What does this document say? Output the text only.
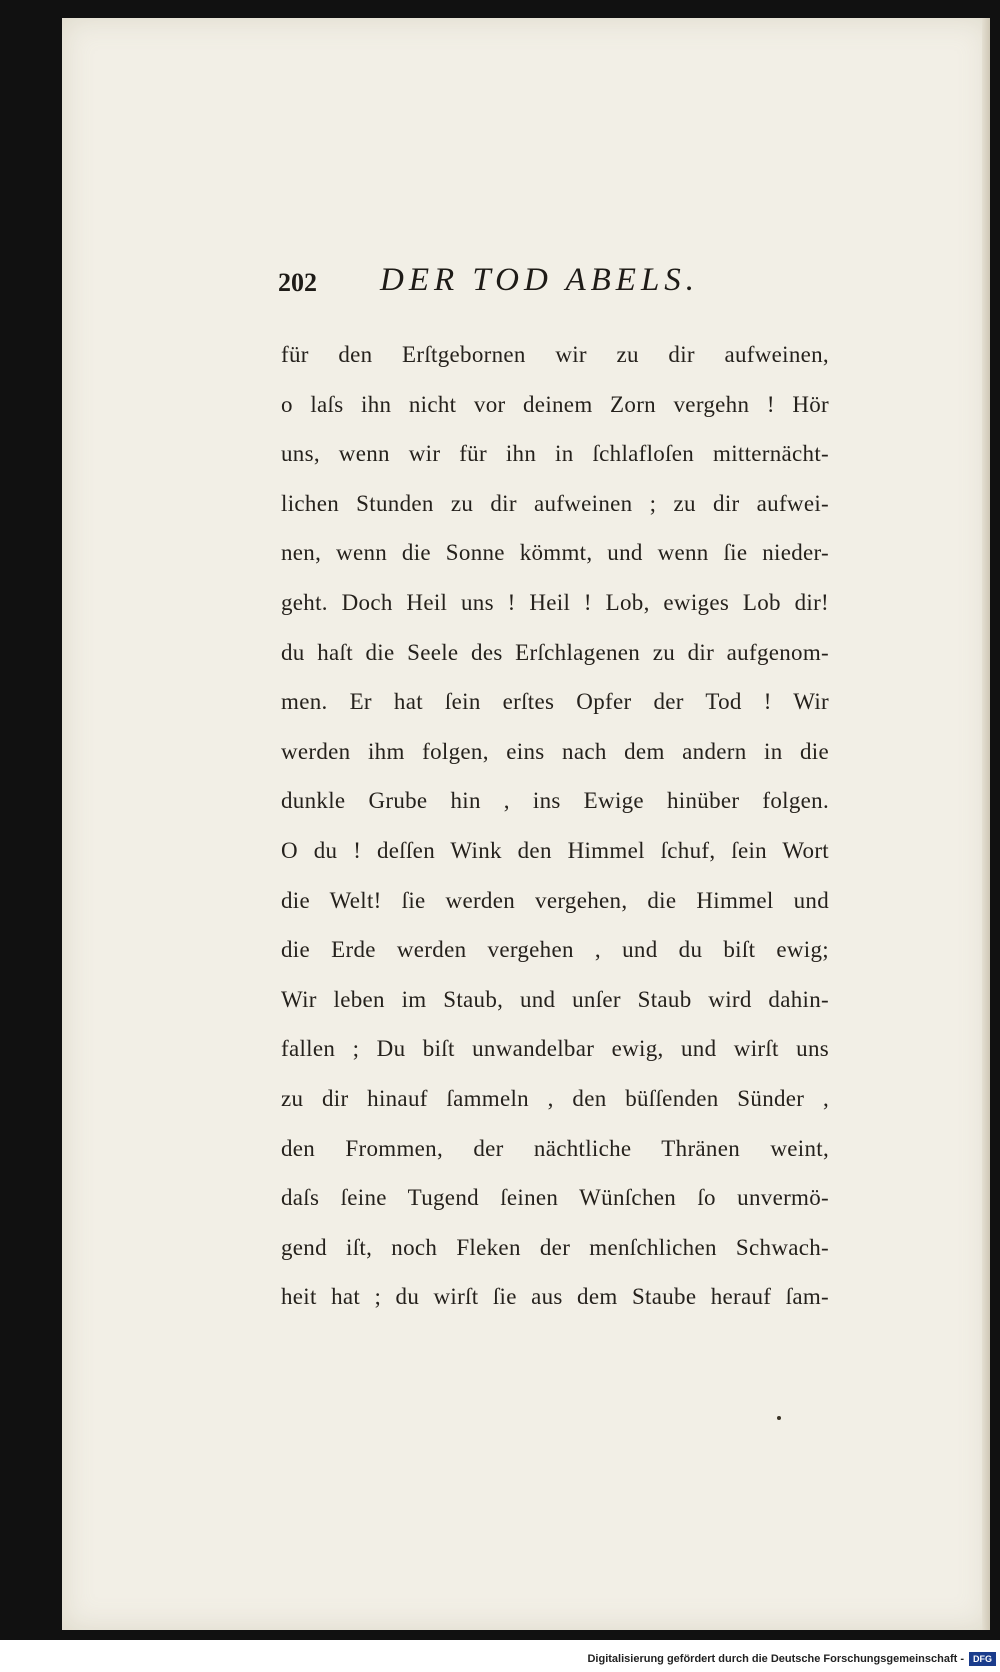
202 DER TOD ABELS.
für den Erſtgebornen wir zu dir aufweinen,
o laſs ihn nicht vor deinem Zorn vergehn ! Hör
uns, wenn wir für ihn in ſchlafloſen mitternächt-
lichen Stunden zu dir aufweinen ; zu dir aufwei-
nen, wenn die Sonne kömmt, und wenn ſie nieder-
geht. Doch Heil uns ! Heil ! Lob, ewiges Lob dir!
du haſt die Seele des Erſchlagenen zu dir aufgenom-
men. Er hat ſein erſtes Opfer der Tod ! Wir
werden ihm folgen, eins nach dem andern in die
dunkle Grube hin , ins Ewige hinüber folgen.
O du ! deſſen Wink den Himmel ſchuf, ſein Wort
die Welt! ſie werden vergehen, die Himmel und
die Erde werden vergehen , und du biſt ewig;
Wir leben im Staub, und unſer Staub wird dahin-
fallen ; Du biſt unwandelbar ewig, und wirſt uns
zu dir hinauf ſammeln , den büſſenden Sünder ,
den Frommen, der nächtliche Thränen weint,
daſs ſeine Tugend ſeinen Wünſchen ſo unvermö-
gend iſt, noch Fleken der menſchlichen Schwach-
heit hat ; du wirſt ſie aus dem Staube herauf ſam-
Digitalisierung gefördert durch die Deutsche Forschungsgemeinschaft -	DFG
